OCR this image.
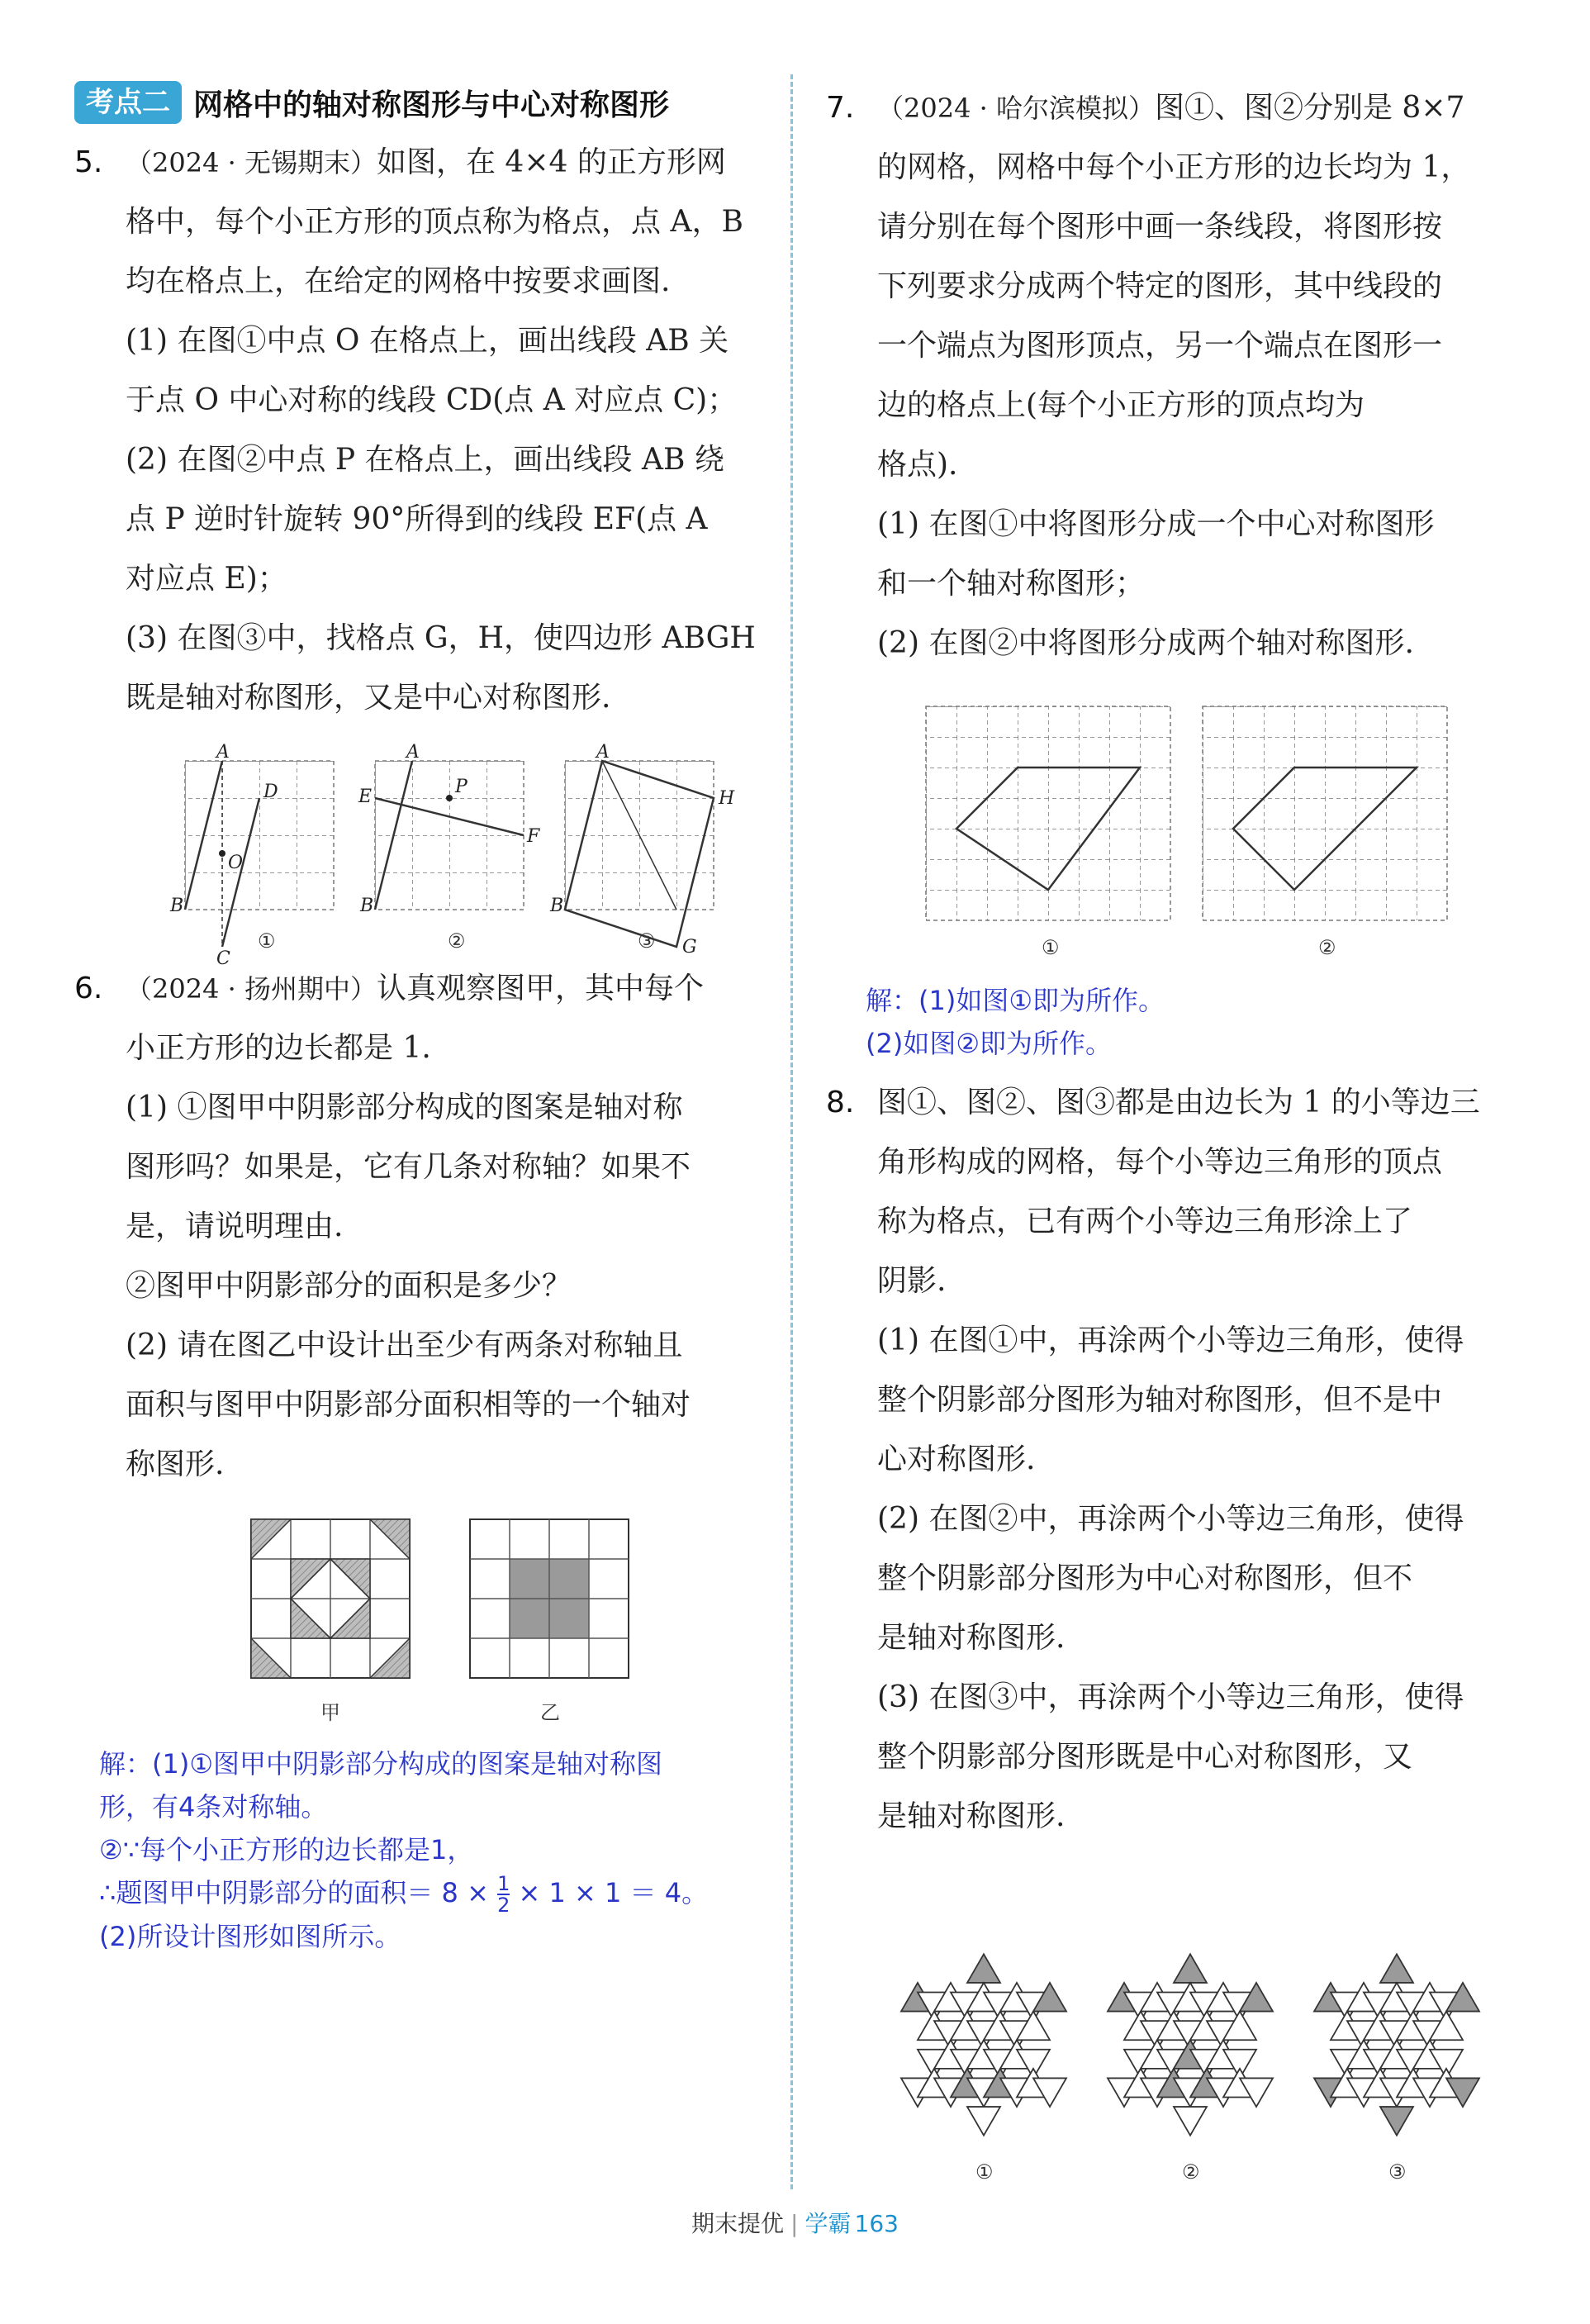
考点二 网格中的轴对称图形与中心对称图形
5. （2024 · 无锡期末）如图，在 4×4 的正方形网

格中，每个小正方形的顶点称为格点，点 A，B

均在格点上，在给定的网格中按要求画图.

(1) 在图①中点 O 在格点上，画出线段 AB 关

于点 O 中心对称的线段 CD(点 A 对应点 C)；

(2) 在图②中点 P 在格点上，画出线段 AB 绕

点 P 逆时针旋转 90°所得到的线段 EF(点 A

对应点 E)；

(3) 在图③中，找格点 G，H，使四边形 ABGH

既是轴对称图形，又是中心对称图形.

A
B
D
O
C
A
B
E	P
F
A
B
H
G
①	②	③
6. （2024 · 扬州期中）认真观察图甲，其中每个

小正方形的边长都是 1.

(1) ①图甲中阴影部分构成的图案是轴对称

图形吗？如果是，它有几条对称轴？如果不

是，请说明理由.

②图甲中阴影部分的面积是多少？

(2) 请在图乙中设计出至少有两条对称轴且

面积与图甲中阴影部分面积相等的一个轴对

称图形.

甲	乙
解：(1)①图甲中阴影部分构成的图案是轴对称图
形，有4条对称轴。
②∵每个小正方形的边长都是1，
∴题图甲中阴影部分的面积＝ $8 \times \frac{1}{2} \times 1 \times 1 = 4$。
(2)所设计图形如图所示。
7. （2024 · 哈尔滨模拟）图①、图②分别是 8×7

的网格，网格中每个小正方形的边长均为 1，

请分别在每个图形中画一条线段，将图形按

下列要求分成两个特定的图形，其中线段的

一个端点为图形顶点，另一个端点在图形一

边的格点上(每个小正方形的顶点均为

格点).

(1) 在图①中将图形分成一个中心对称图形

和一个轴对称图形；

(2) 在图②中将图形分成两个轴对称图形.

①	②
解：(1)如图①即为所作。
(2)如图②即为所作。
8. 图①、图②、图③都是由边长为 1 的小等边三

角形构成的网格，每个小等边三角形的顶点

称为格点，已有两个小等边三角形涂上了

阴影.

(1) 在图①中，再涂两个小等边三角形，使得

整个阴影部分图形为轴对称图形，但不是中

心对称图形.

(2) 在图②中，再涂两个小等边三角形，使得

整个阴影部分图形为中心对称图形，但不

是轴对称图形.

(3) 在图③中，再涂两个小等边三角形，使得

整个阴影部分图形既是中心对称图形，又

是轴对称图形.

①	②	③
期末提优 | 学霸 163
